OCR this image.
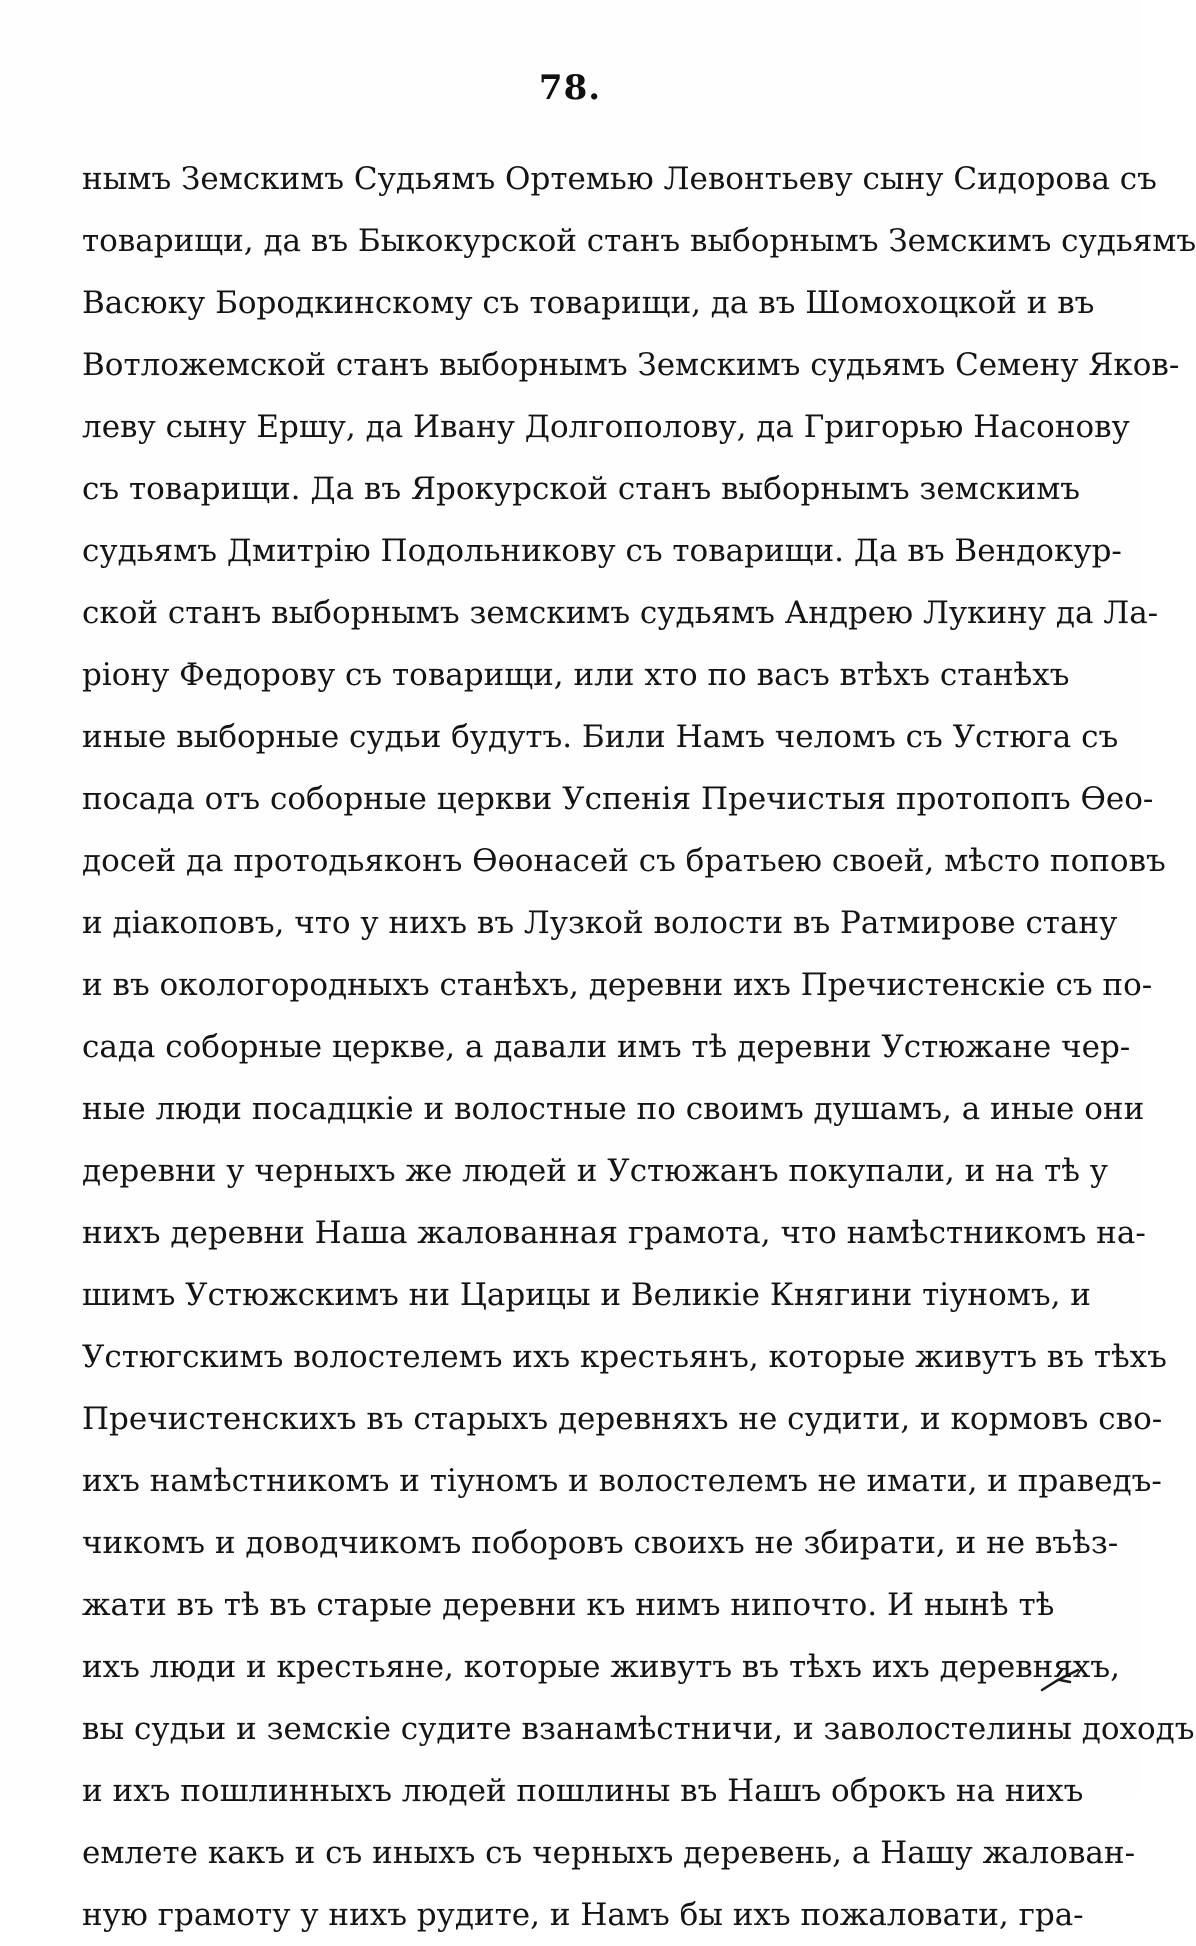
78.
нымъ Земскимъ Судьямъ Ортемью Левонтьеву сыну Сидорова съ
товарищи, да въ Быкокурской станъ выборнымъ Земскимъ судьямъ
Васюку Бородкинскому съ товарищи, да въ Шомохоцкой и въ
Вотложемской станъ выборнымъ Земскимъ судьямъ Семену Яков-
леву сыну Ершу, да Ивану Долгополову, да Григорью Насонову
съ товарищи. Да въ Ярокурской станъ выборнымъ земскимъ
судьямъ Дмитрію Подольникову съ товарищи. Да въ Вендокур-
ской станъ выборнымъ земскимъ судьямъ Андрею Лукину да Ла-
ріону Федорову съ товарищи, или хто по васъ втѣхъ станѣхъ
иные выборные судьи будутъ. Били Намъ челомъ съ Устюга съ
посада отъ соборные церкви Успенія Пречистыя протопопъ Ѳео-
досей да протодьяконъ Ѳѳонасей съ братьею своей, мѣсто поповъ
и діакоповъ, что у нихъ въ Лузкой волости въ Ратмирове стану
и въ окологородныхъ станѣхъ, деревни ихъ Пречистенскіе съ по-
сада соборные церкве, а давали имъ тѣ деревни Устюжане чер-
ные люди посадцкіе и волостные по своимъ душамъ, а иные они
деревни у черныхъ же людей и Устюжанъ покупали, и на тѣ у
нихъ деревни Наша жалованная грамота, что намѣстникомъ на-
шимъ Устюжскимъ ни Царицы и Великіе Княгини тіуномъ, и
Устюгскимъ волостелемъ ихъ крестьянъ, которые живутъ въ тѣхъ
Пречистенскихъ въ старыхъ деревняхъ не судити, и кормовъ сво-
ихъ намѣстникомъ и тіуномъ и волостелемъ не имати, и праведъ-
чикомъ и доводчикомъ поборовъ своихъ не збирати, и не въѣз-
жати въ тѣ въ старые деревни къ нимъ нипочто. И нынѣ тѣ
ихъ люди и крестьяне, которые живутъ въ тѣхъ ихъ деревняхъ,
вы судьи и земскіе судите взанамѣстничи, и заволостелины доходъ
и ихъ пошлинныхъ людей пошлины въ Нашъ оброкъ на нихъ
емлете какъ и съ иныхъ съ черныхъ деревень, а Нашу жалован-
ную грамоту у нихъ рудите, и Намъ бы ихъ пожаловати, гра-
